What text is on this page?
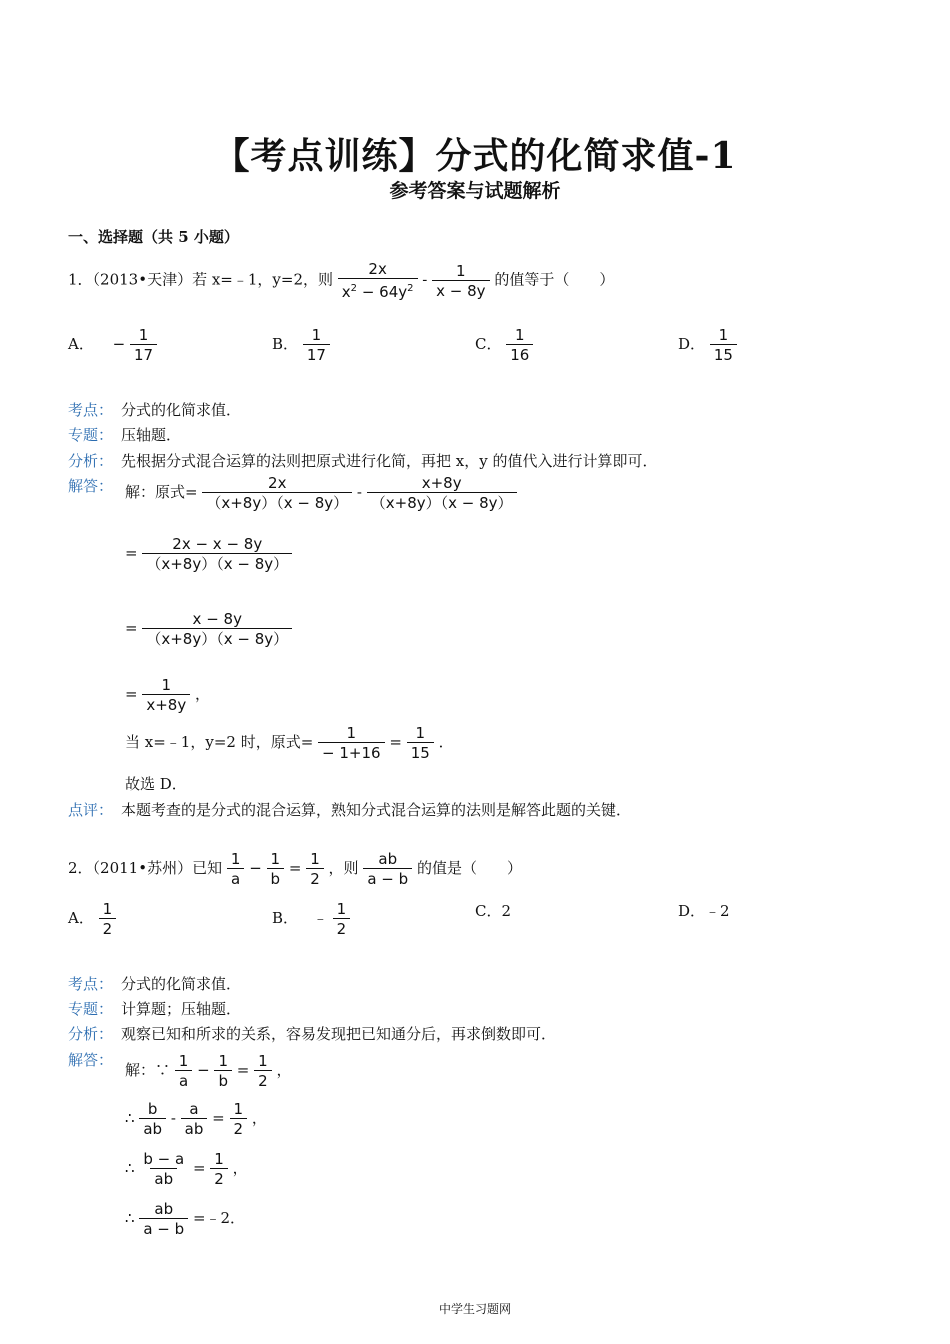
【考点训练】分式的化简求值-1
参考答案与试题解析
一、选择题（共 5 小题）
1．（2013•天津）若 x=﹣1，y=2，则 $\frac{2x}{x^2 - 64y^2} - \frac{1}{x - 8y}$ 的值等于（　　）
A． − $\frac{1}{17}$	B． $\frac{1}{17}$	C． $\frac{1}{16}$	D． $\frac{1}{15}$
考点： 分式的化简求值．
专题： 压轴题．
分析： 先根据分式混合运算的法则把原式进行化简，再把 x，y 的值代入进行计算即可．
解答： 解：原式= $\frac{2x}{(x+8y)(x - 8y)} - \frac{x+8y}{(x+8y)(x - 8y)}$
= $\frac{2x - x - 8y}{(x+8y)(x - 8y)}$
= $\frac{x - 8y}{(x+8y)(x - 8y)}$
= $\frac{1}{x+8y}$ ，
当 x=﹣1，y=2 时，原式= $\frac{1}{- 1+16} = \frac{1}{15}$ ．
故选 D．
点评： 本题考查的是分式的混合运算，熟知分式混合运算的法则是解答此题的关键．
2．（2011•苏州）已知 $\frac{1}{a} - \frac{1}{b} = \frac{1}{2}$ ，则 $\frac{ab}{a - b}$ 的值是（　　）
A． $\frac{1}{2}$	B． ﹣ $\frac{1}{2}$	C．2	D．﹣2
考点： 分式的化简求值．
专题： 计算题；压轴题．
分析： 观察已知和所求的关系，容易发现把已知通分后，再求倒数即可．
解答：
解：∵ $\frac{1}{a} - \frac{1}{b} = \frac{1}{2}$ ，
∴ $\frac{b}{ab} - \frac{a}{ab} = \frac{1}{2}$ ，
∴ $\frac{b - a}{ab} = \frac{1}{2}$ ，
∴ $\frac{ab}{a - b}$ =﹣2．
中学生习题网
